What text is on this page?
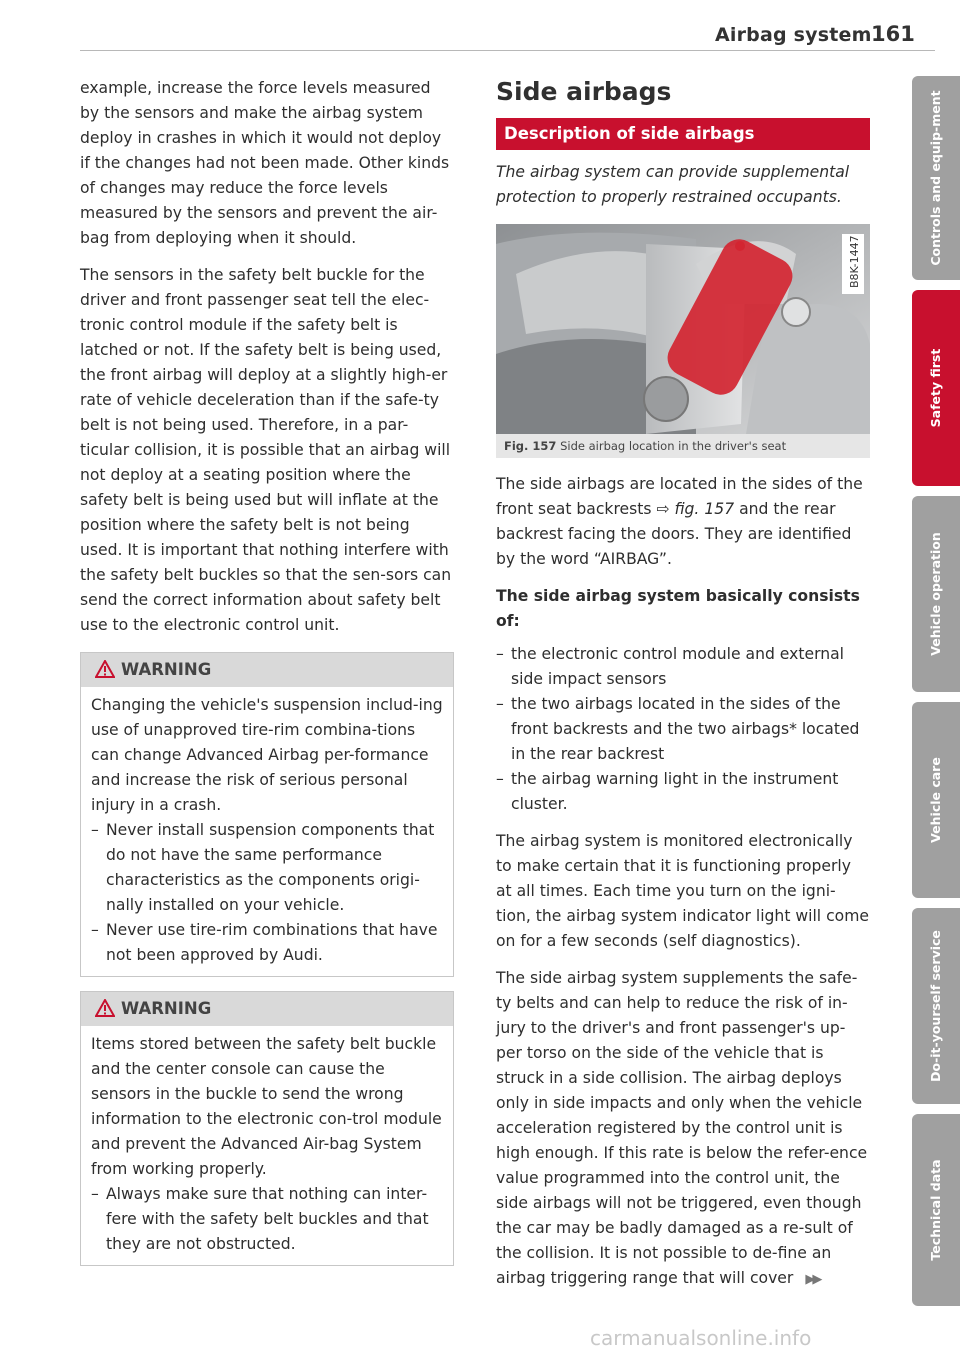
Airbag system 161

example, increase the force levels measured by the sensors and make the airbag system deploy in crashes in which it would not deploy if the changes had not been made. Other kinds of changes may reduce the force levels measured by the sensors and prevent the air-bag from deploying when it should.

The sensors in the safety belt buckle for the driver and front passenger seat tell the elec-tronic control module if the safety belt is latched or not. If the safety belt is being used, the front airbag will deploy at a slightly high-er rate of vehicle deceleration than if the safe-ty belt is not being used. Therefore, in a par-ticular collision, it is possible that an airbag will not deploy at a seating position where the safety belt is being used but will inflate at the position where the safety belt is not being used. It is important that nothing interfere with the safety belt buckles so that the sen-sors can send the correct information about safety belt use to the electronic control unit.

WARNING

Changing the vehicle's suspension includ-ing use of unapproved tire-rim combina-tions can change Advanced Airbag per-formance and increase the risk of serious personal injury in a crash.

– Never install suspension components that do not have the same performance characteristics as the components origi-nally installed on your vehicle.
– Never use tire-rim combinations that have not been approved by Audi.
WARNING

Items stored between the safety belt buckle and the center console can cause the sensors in the buckle to send the wrong information to the electronic con-trol module and prevent the Advanced Air-bag System from working properly.

– Always make sure that nothing can inter-fere with the safety belt buckles and that they are not obstructed.
Side airbags
Description of side airbags

The airbag system can provide supplemental protection to properly restrained occupants.

B8K-1447
Fig. 157 Side airbag location in the driver's seat

The side airbags are located in the sides of the front seat backrests ⇨ fig. 157 and the rear backrest facing the doors. They are identified by the word “AIRBAG”.

The side airbag system basically consists of:

– the electronic control module and external side impact sensors
– the two airbags located in the sides of the front backrests and the two airbags* located in the rear backrest
– the airbag warning light in the instrument cluster.

The airbag system is monitored electronically to make certain that it is functioning properly at all times. Each time you turn on the igni-tion, the airbag system indicator light will come on for a few seconds (self diagnostics).

The side airbag system supplements the safe-ty belts and can help to reduce the risk of in-jury to the driver's and front passenger's up-per torso on the side of the vehicle that is struck in a side collision. The airbag deploys only in side impacts and only when the vehicle acceleration registered by the control unit is high enough. If this rate is below the refer-ence value programmed into the control unit, the side airbags will not be triggered, even though the car may be badly damaged as a re-sult of the collision. It is not possible to de-fine an airbag triggering range that will cover ▶▶

Controls and equip-ment
Safety first
Vehicle operation
Vehicle care
Do-it-yourself service
Technical data
carmanualsonline.info
